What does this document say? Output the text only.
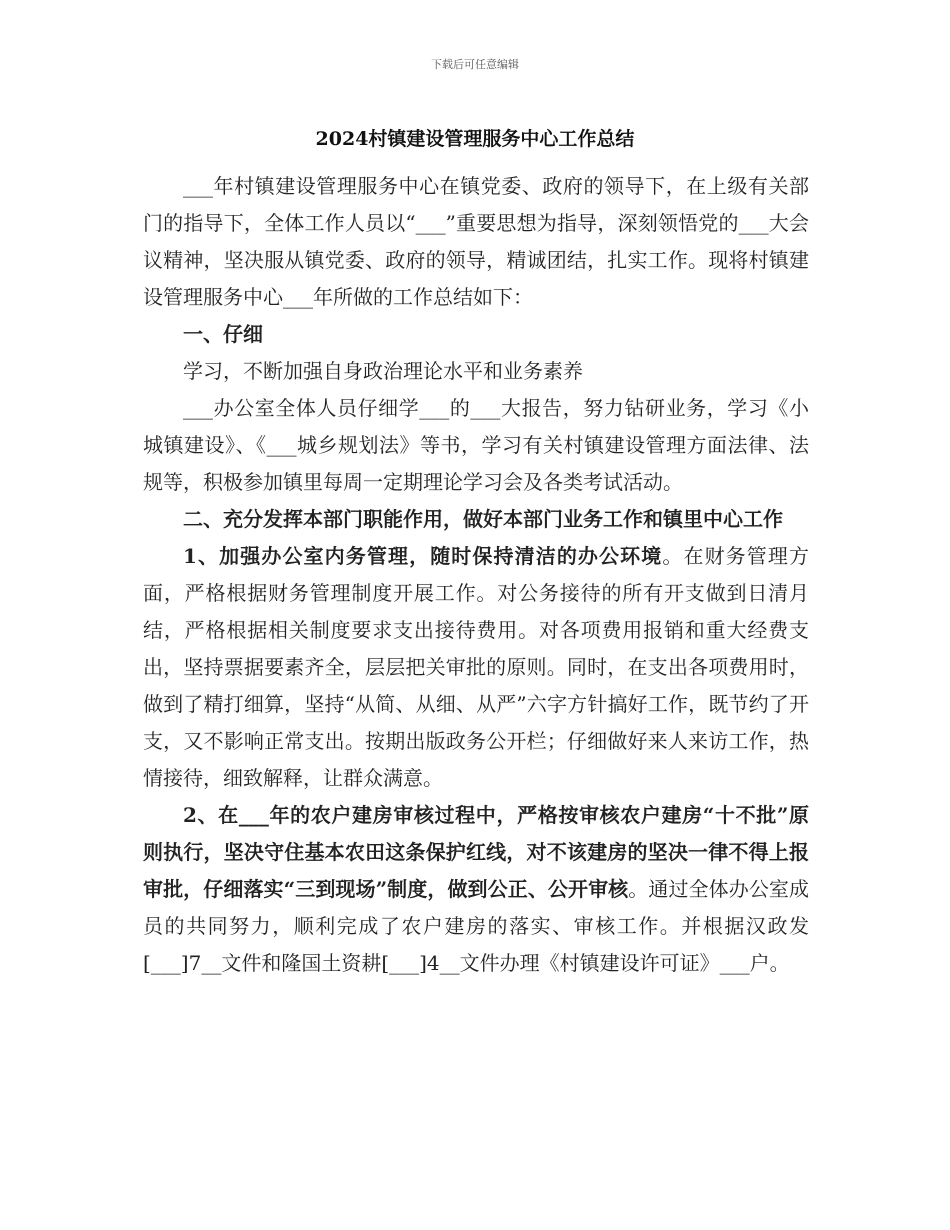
下载后可任意编辑
2024村镇建设管理服务中心工作总结

___年村镇建设管理服务中心在镇党委、政府的领导下，在上级有关部门的指导下，全体工作人员以“___”重要思想为指导，深刻领悟党的___大会议精神，坚决服从镇党委、政府的领导，精诚团结，扎实工作。现将村镇建设管理服务中心___年所做的工作总结如下：

一、仔细

学习，不断加强自身政治理论水平和业务素养

___办公室全体人员仔细学___的___大报告，努力钻研业务，学习《小城镇建设》、《___城乡规划法》等书，学习有关村镇建设管理方面法律、法规等，积极参加镇里每周一定期理论学习会及各类考试活动。

二、充分发挥本部门职能作用，做好本部门业务工作和镇里中心工作

1、加强办公室内务管理，随时保持清洁的办公环境。在财务管理方面，严格根据财务管理制度开展工作。对公务接待的所有开支做到日清月结，严格根据相关制度要求支出接待费用。对各项费用报销和重大经费支出，坚持票据要素齐全，层层把关审批的原则。同时，在支出各项费用时，做到了精打细算，坚持“从简、从细、从严”六字方针搞好工作，既节约了开支，又不影响正常支出。按期出版政务公开栏；仔细做好来人来访工作，热情接待，细致解释，让群众满意。

2、在___年的农户建房审核过程中，严格按审核农户建房“十不批”原则执行，坚决守住基本农田这条保护红线，对不该建房的坚决一律不得上报审批，仔细落实“三到现场”制度，做到公正、公开审核。通过全体办公室成员的共同努力，顺利完成了农户建房的落实、审核工作。并根据汉政发[___]7__文件和隆国土资耕[___]4__文件办理《村镇建设许可证》___户。
